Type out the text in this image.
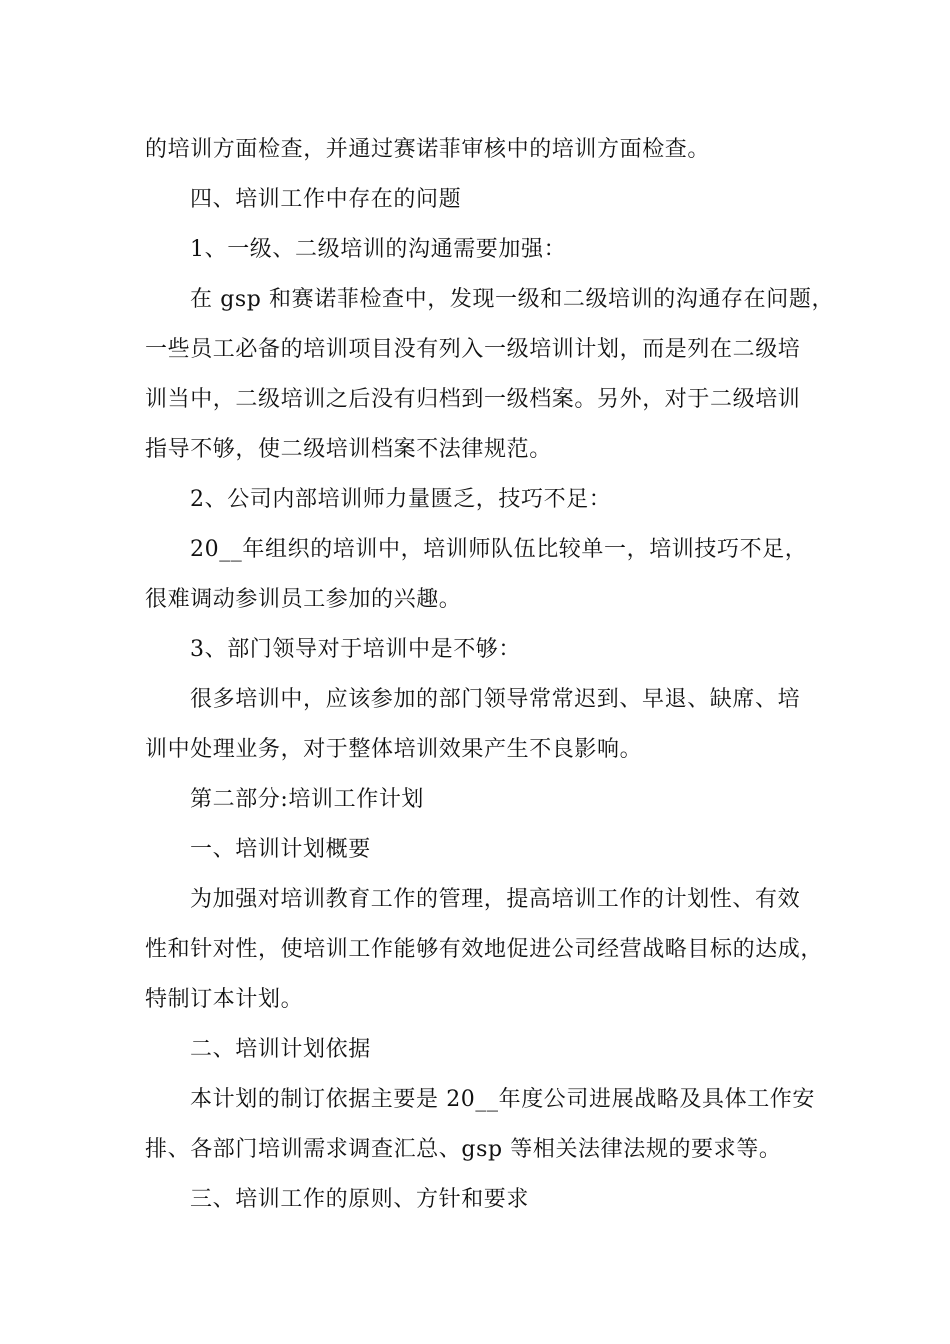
的培训方面检查，并通过赛诺菲审核中的培训方面检查。
四、培训工作中存在的问题
1、一级、二级培训的沟通需要加强：
在 gsp 和赛诺菲检查中，发现一级和二级培训的沟通存在问题，
一些员工必备的培训项目没有列入一级培训计划，而是列在二级培
训当中，二级培训之后没有归档到一级档案。另外，对于二级培训
指导不够，使二级培训档案不法律规范。
2、公司内部培训师力量匮乏，技巧不足：
20__年组织的培训中，培训师队伍比较单一，培训技巧不足，
很难调动参训员工参加的兴趣。
3、部门领导对于培训中是不够：
很多培训中，应该参加的部门领导常常迟到、早退、缺席、培
训中处理业务，对于整体培训效果产生不良影响。
第二部分:培训工作计划
一、培训计划概要
为加强对培训教育工作的管理，提高培训工作的计划性、有效
性和针对性，使培训工作能够有效地促进公司经营战略目标的达成，
特制订本计划。
二、培训计划依据
本计划的制订依据主要是 20__年度公司进展战略及具体工作安
排、各部门培训需求调查汇总、gsp 等相关法律法规的要求等。
三、培训工作的原则、方针和要求
